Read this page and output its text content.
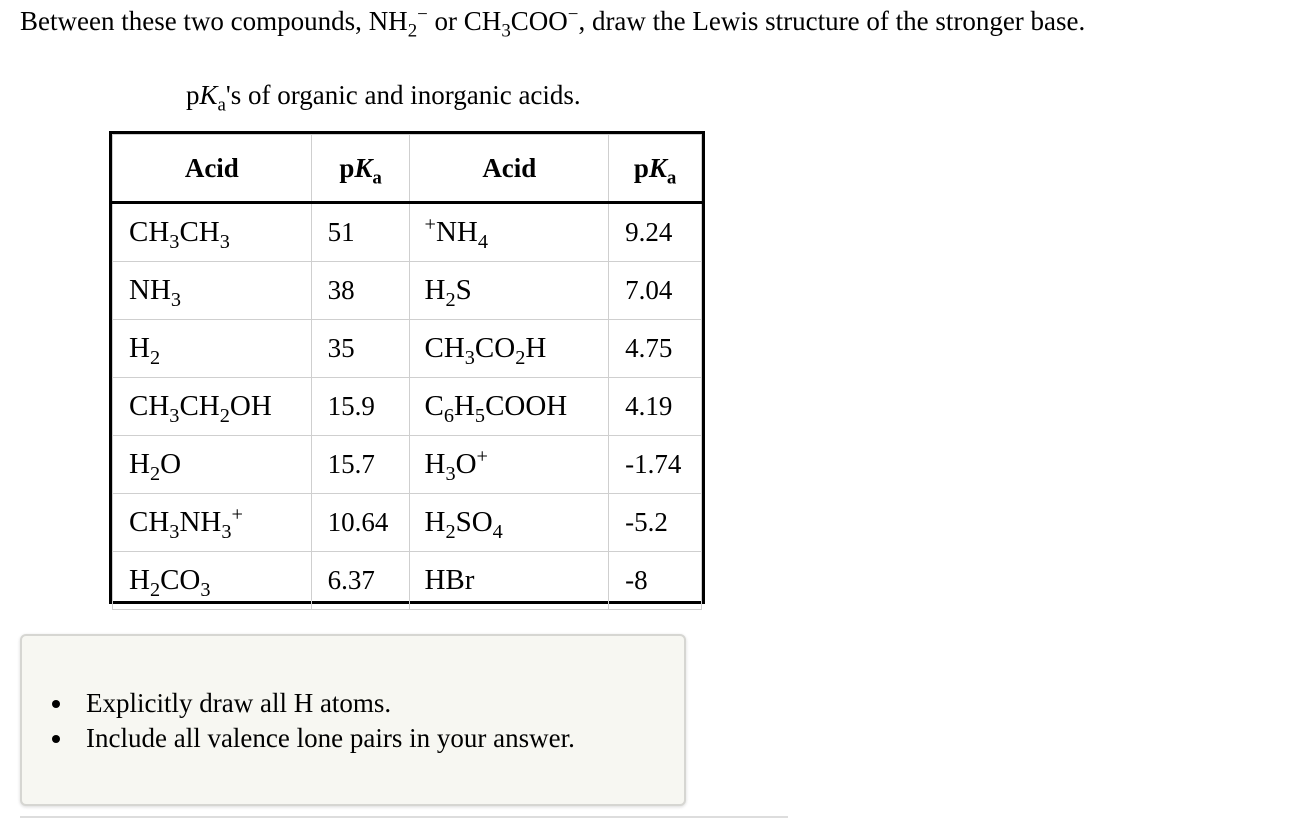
Between these two compounds, $NH_2^-$ or $CH_3COO^-$, draw the Lewis structure of the stronger base.
$pK_a's$ of organic and inorganic acids.
Acid	$pK_a$	Acid	$pK_a$
$CH_3CH_3$	51	$^+NH_4$	9.24
$NH_3$	38	$H_2S$	7.04
$H_2$	35	$CH_3CO_2H$	4.75
$CH_3CH_2OH$	15.9	$C_6H_5COOH$	4.19
$H_2O$	15.7	$H_3O^+$	-1.74
$CH_3NH_3^+$	10.64	$H_2SO_4$	-5.2
$H_2CO_3$	6.37	HBr	-8
Explicitly draw all H atoms.
Include all valence lone pairs in your answer.
